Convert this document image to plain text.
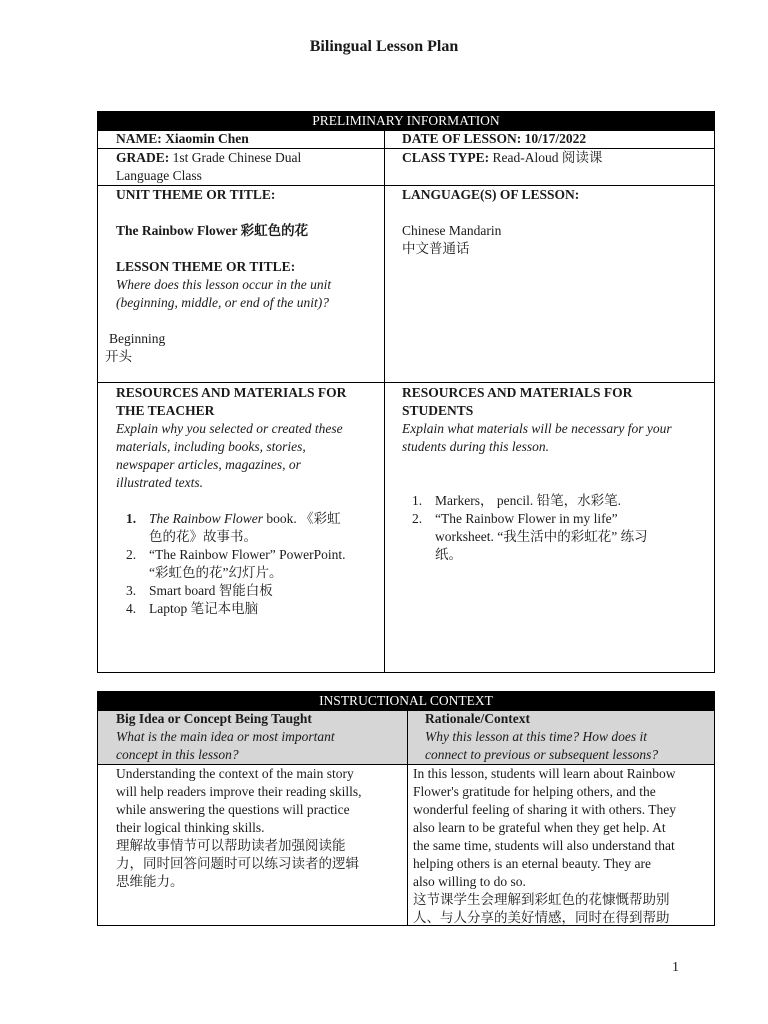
Bilingual Lesson Plan
PRELIMINARY INFORMATION
NAME: Xiaomin Chen	DATE OF LESSON: 10/17/2022
GRADE: 1st Grade Chinese Dual
Language Class
CLASS TYPE: Read-Aloud 阅读课
UNIT THEME OR TITLE:
The Rainbow Flower 彩虹色的花
LESSON THEME OR TITLE:
Where does this lesson occur in the unit
(beginning, middle, or end of the unit)?
Beginning
开头
LANGUAGE(S) OF LESSON:
Chinese Mandarin
中文普通话
RESOURCES AND MATERIALS FOR
THE TEACHER
Explain why you selected or created these
materials, including books, stories,
newspaper articles, magazines, or
illustrated texts.
1. The Rainbow Flower book. 《彩虹
色的花》故事书。
2. “The Rainbow Flower” PowerPoint.
“彩虹色的花”幻灯片。
3. Smart board 智能白板
4. Laptop 笔记本电脑
RESOURCES AND MATERIALS FOR
STUDENTS
Explain what materials will be necessary for your
students during this lesson.
1. Markers， pencil. 铅笔，水彩笔.
2. “The Rainbow Flower in my life”
worksheet. “我生活中的彩虹花” 练习
纸。
INSTRUCTIONAL CONTEXT
Big Idea or Concept Being Taught
What is the main idea or most important
concept in this lesson?
Rationale/Context
Why this lesson at this time? How does it
connect to previous or subsequent lessons?
Understanding the context of the main story
will help readers improve their reading skills,
while answering the questions will practice
their logical thinking skills.
理解故事情节可以帮助读者加强阅读能
力，同时回答问题时可以练习读者的逻辑
思维能力。
In this lesson, students will learn about Rainbow
Flower's gratitude for helping others, and the
wonderful feeling of sharing it with others. They
also learn to be grateful when they get help. At
the same time, students will also understand that
helping others is an eternal beauty. They are
also willing to do so.
这节课学生会理解到彩虹色的花慷慨帮助别
人、与人分享的美好情感，同时在得到帮助
1
